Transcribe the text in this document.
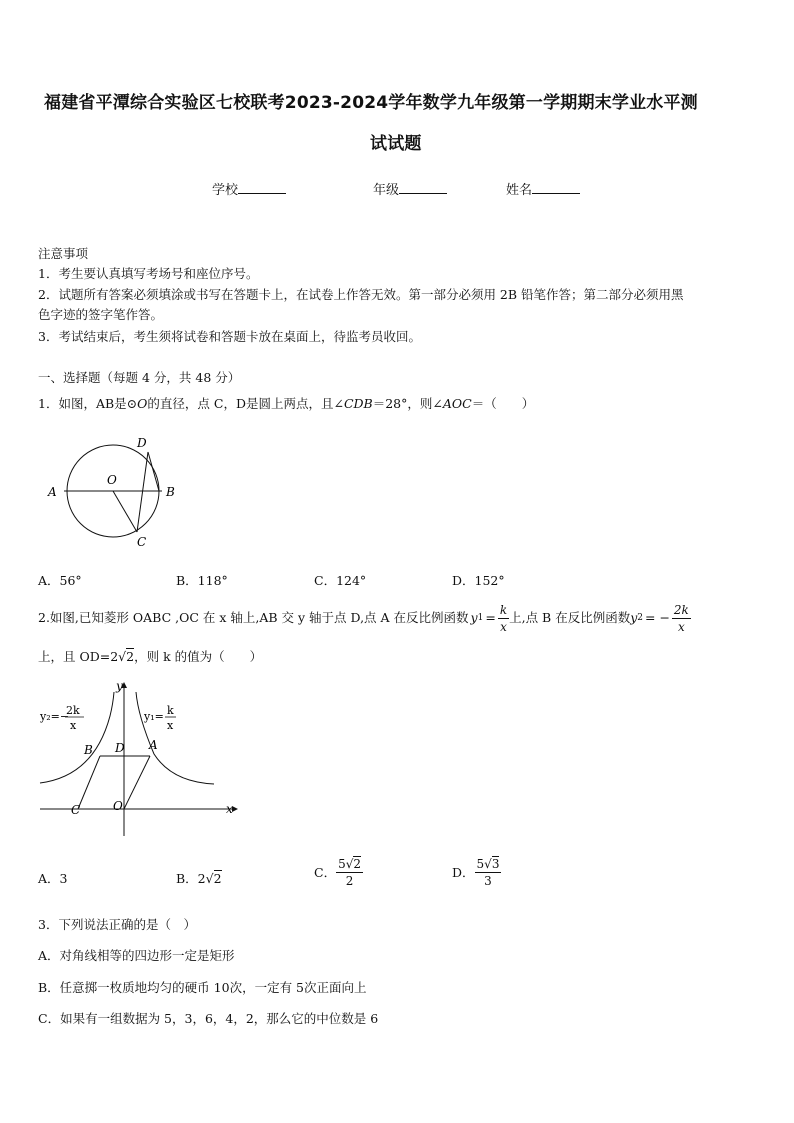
福建省平潭综合实验区七校联考2023-2024学年数学九年级第一学期期末学业水平测
试试题
学校	年级	姓名
注意事项
1．考生要认真填写考场号和座位序号。
2．试题所有答案必须填涂或书写在答题卡上，在试卷上作答无效。第一部分必须用 2B 铅笔作答；第二部分必须用黑
色字迹的签字笔作答。
3．考试结束后，考生须将试卷和答题卡放在桌面上，待监考员收回。
一、选择题（每题 4 分，共 48 分）
1．如图，AB是⊙O的直径，点 C，D是圆上两点，且∠CDB＝28°，则∠AOC＝（　　）
A	B
C
D
O
A．56°	B．118°	C．124°	D．152°
2.如图,已知菱形 OABC ,OC 在 x 轴上,AB 交 y 轴于点 D,点 A 在反比例函数 y $1 = \frac{k}{x}$ 上,点 B 在反比例函数 y 2 = − $\frac{2k}{x}$
上，且 OD=2√2，则 k 的值为（　　）
y₂=−
2k
x
y₁= k
x
y
x
B D A
C	O
A．3	B．2√2	C． $\frac{5√2}{2}$	D． $\frac{5√3}{3}$
3．下列说法正确的是（　）
A．对角线相等的四边形一定是矩形
B．任意掷一枚质地均匀的硬币 10次，一定有 5次正面向上
C．如果有一组数据为 5，3，6，4，2，那么它的中位数是 6
